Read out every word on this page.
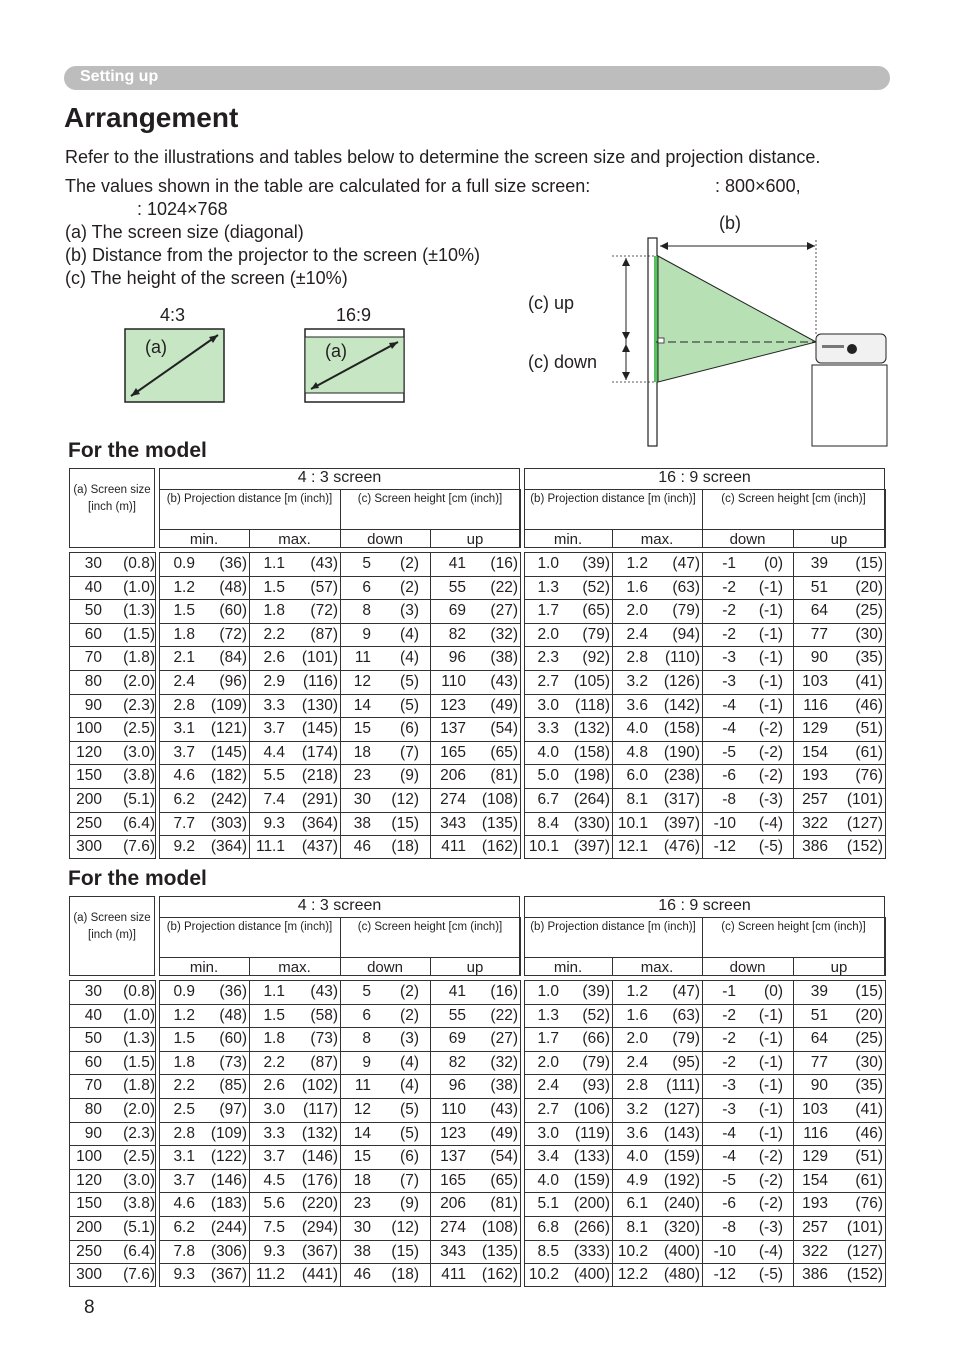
Setting up
Arrangement
Refer to the illustrations and tables below to determine the screen size and projection distance.
The values shown in the table are calculated for a full size screen:	: 800×600,
: 1024×768
(a) The screen size (diagonal)
(b) Distance from the projector to the screen (±10%)
(c) The height of the screen (±10%)
4:3	16:9
(a)	(a)
(b)
(c) up
(c) down
For the model
For the model
(a) Screen size [inch (m)]
4 : 3 screen	16 : 9 screen
(b) Projection distance [m (inch)]	(c) Screen height [cm (inch)]	(b) Projection distance [m (inch)]	(c) Screen height [cm (inch)]
min.	max.	down	up	min.	max.	down	up
30	(0.8)	0.9	(36)	1.1	(43)	5	(2)	41	(16)	1.0	(39)	1.2	(47)	-1	(0)	39	(15)
40	(1.0)	1.2	(48)	1.5	(57)	6	(2)	55	(22)	1.3	(52)	1.6	(63)	-2	(-1)	51	(20)
50	(1.3)	1.5	(60)	1.8	(72)	8	(3)	69	(27)	1.7	(65)	2.0	(79)	-2	(-1)	64	(25)
60	(1.5)	1.8	(72)	2.2	(87)	9	(4)	82	(32)	2.0	(79)	2.4	(94)	-2	(-1)	77	(30)
70	(1.8)	2.1	(84)	2.6	(101)	11	(4)	96	(38)	2.3	(92)	2.8	(110)	-3	(-1)	90	(35)
80	(2.0)	2.4	(96)	2.9	(116)	12	(5)	110	(43)	2.7 (105)	3.2	(126)	-3	(-1)	103	(41)
90	(2.3)	2.8	(109)	3.3	(130)	14	(5)	123	(49)	3.0	(118)	3.6	(142)	-4	(-1)	116	(46)
100	(2.5)	3.1	(121)	3.7	(145)	15	(6)	137	(54)	3.3 (132)	4.0	(158)	-4	(-2)	129	(51)
120	(3.0)	3.7	(145)	4.4	(174)	18	(7)	165	(65)	4.0 (158)	4.8	(190)	-5	(-2)	154	(61)
150	(3.8)	4.6	(182)	5.5	(218)	23	(9)	206	(81)	5.0 (198)	6.0	(238)	-6	(-2)	193	(76)
200	(5.1)	6.2	(242)	7.4	(291)	30	(12)	274	(108)	6.7 (264)	8.1	(317)	-8	(-3)	257	(101)
250	(6.4)	7.7	(303)	9.3	(364)	38	(15)	343	(135)	8.4 (330) 10.1	(397) -10	(-4)	322	(127)
300	(7.6)	9.2	(364) 11.1	(437)	46	(18)	411	(162) 10.1 (397) 12.1	(476) -12	(-5)	386	(152)
(a) Screen size [inch (m)]
4 : 3 screen	16 : 9 screen
(b) Projection distance [m (inch)]	(c) Screen height [cm (inch)]	(b) Projection distance [m (inch)]	(c) Screen height [cm (inch)]
min.	max.	down	up	min.	max.	down	up
30	(0.8)	0.9	(36)	1.1	(43)	5	(2)	41	(16)	1.0	(39)	1.2	(47)	-1	(0)	39	(15)
40	(1.0)	1.2	(48)	1.5	(58)	6	(2)	55	(22)	1.3	(52)	1.6	(63)	-2	(-1)	51	(20)
50	(1.3)	1.5	(60)	1.8	(73)	8	(3)	69	(27)	1.7	(66)	2.0	(79)	-2	(-1)	64	(25)
60	(1.5)	1.8	(73)	2.2	(87)	9	(4)	82	(32)	2.0	(79)	2.4	(95)	-2	(-1)	77	(30)
70	(1.8)	2.2	(85)	2.6	(102)	11	(4)	96	(38)	2.4	(93)	2.8	(111)	-3	(-1)	90	(35)
80	(2.0)	2.5	(97)	3.0	(117)	12	(5)	110	(43)	2.7 (106)	3.2	(127)	-3	(-1)	103	(41)
90	(2.3)	2.8	(109)	3.3	(132)	14	(5)	123	(49)	3.0	(119)	3.6	(143)	-4	(-1)	116	(46)
100	(2.5)	3.1	(122)	3.7	(146)	15	(6)	137	(54)	3.4 (133)	4.0	(159)	-4	(-2)	129	(51)
120	(3.0)	3.7	(146)	4.5	(176)	18	(7)	165	(65)	4.0 (159)	4.9	(192)	-5	(-2)	154	(61)
150	(3.8)	4.6	(183)	5.6	(220)	23	(9)	206	(81)	5.1 (200)	6.1	(240)	-6	(-2)	193	(76)
200	(5.1)	6.2	(244)	7.5	(294)	30	(12)	274	(108)	6.8 (266)	8.1	(320)	-8	(-3)	257	(101)
250	(6.4)	7.8	(306)	9.3	(367)	38	(15)	343	(135)	8.5 (333) 10.2	(400) -10	(-4)	322	(127)
300	(7.6)	9.3	(367) 11.2	(441)	46	(18)	411	(162) 10.2 (400) 12.2	(480) -12	(-5)	386	(152)
8
